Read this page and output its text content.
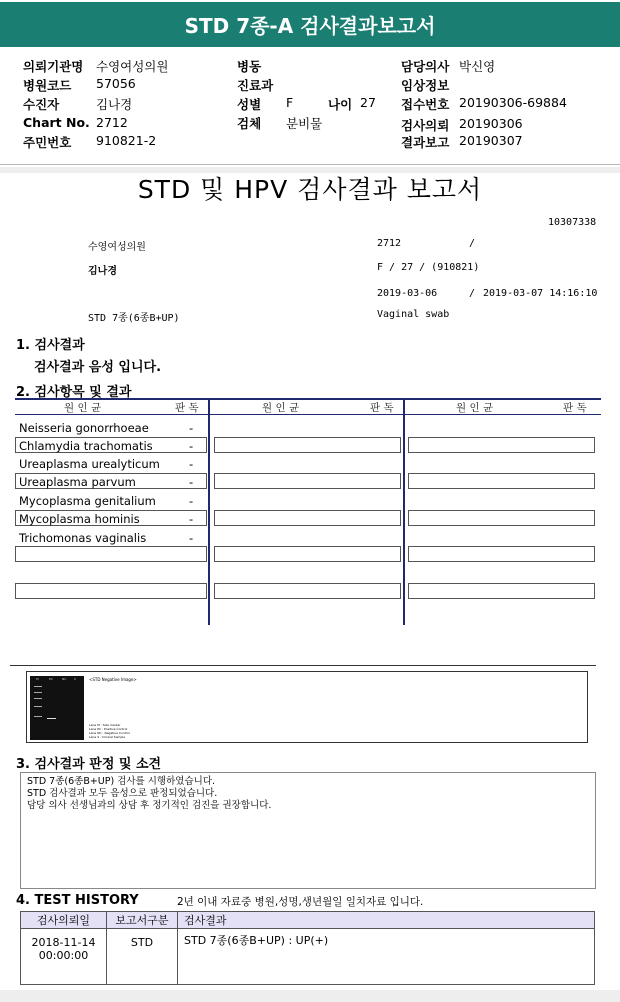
STD 7종-A 검사결과보고서
의뢰기관명 수영여성의원
병원코드 57056
수진자	김나경
Chart No. 2712
주민번호 910821-2
병동
진료과
성별 F	나이 27
검체 분비물
담당의사 박신영
임상정보
접수번호 20190306-69884
검사의뢰 20190306
결과보고 20190307
STD 및 HPV 검사결과 보고서
10307338
수영여성의원	2712	/
김나경	F / 27 / (910821)
2019-03-06	/ 2019-03-07 14:16:10
STD 7종(6종B+UP)	Vaginal swab
1. 검사결과
검사결과 음성 입니다.
2. 검사항목 및 결과
원 인 균	판 독	원 인 균	판 독	원 인 균	판 독
Neisseria gonorrhoeae	-
Chlamydia trachomatis	-
Ureaplasma urealyticum	-
Ureaplasma parvum	-
Mycoplasma genitalium	-
Mycoplasma hominis	-
Trichomonas vaginalis	-
M	PC	NC	S	<STD Negative Image>
Lane M : Size marker
Lane PC : Positive Control
Lane NC : Negative Control
Lane S : Clinical Sample
3. 검사결과 판정 및 소견
STD 7종(6종B+UP) 검사를 시행하였습니다.
STD 검사결과 모두 음성으로 판정되었습니다.
담당 의사 선생님과의 상담 후 정기적인 검진을 권장합니다.
4. TEST HISTORY	2년 이내 자료중 병원,성명,생년월일 일치자료 입니다.
검사의뢰일	보고서구분	검사결과

2018-11-14
00:00:00	STD	STD 7종(6종B+UP) : UP(+)
